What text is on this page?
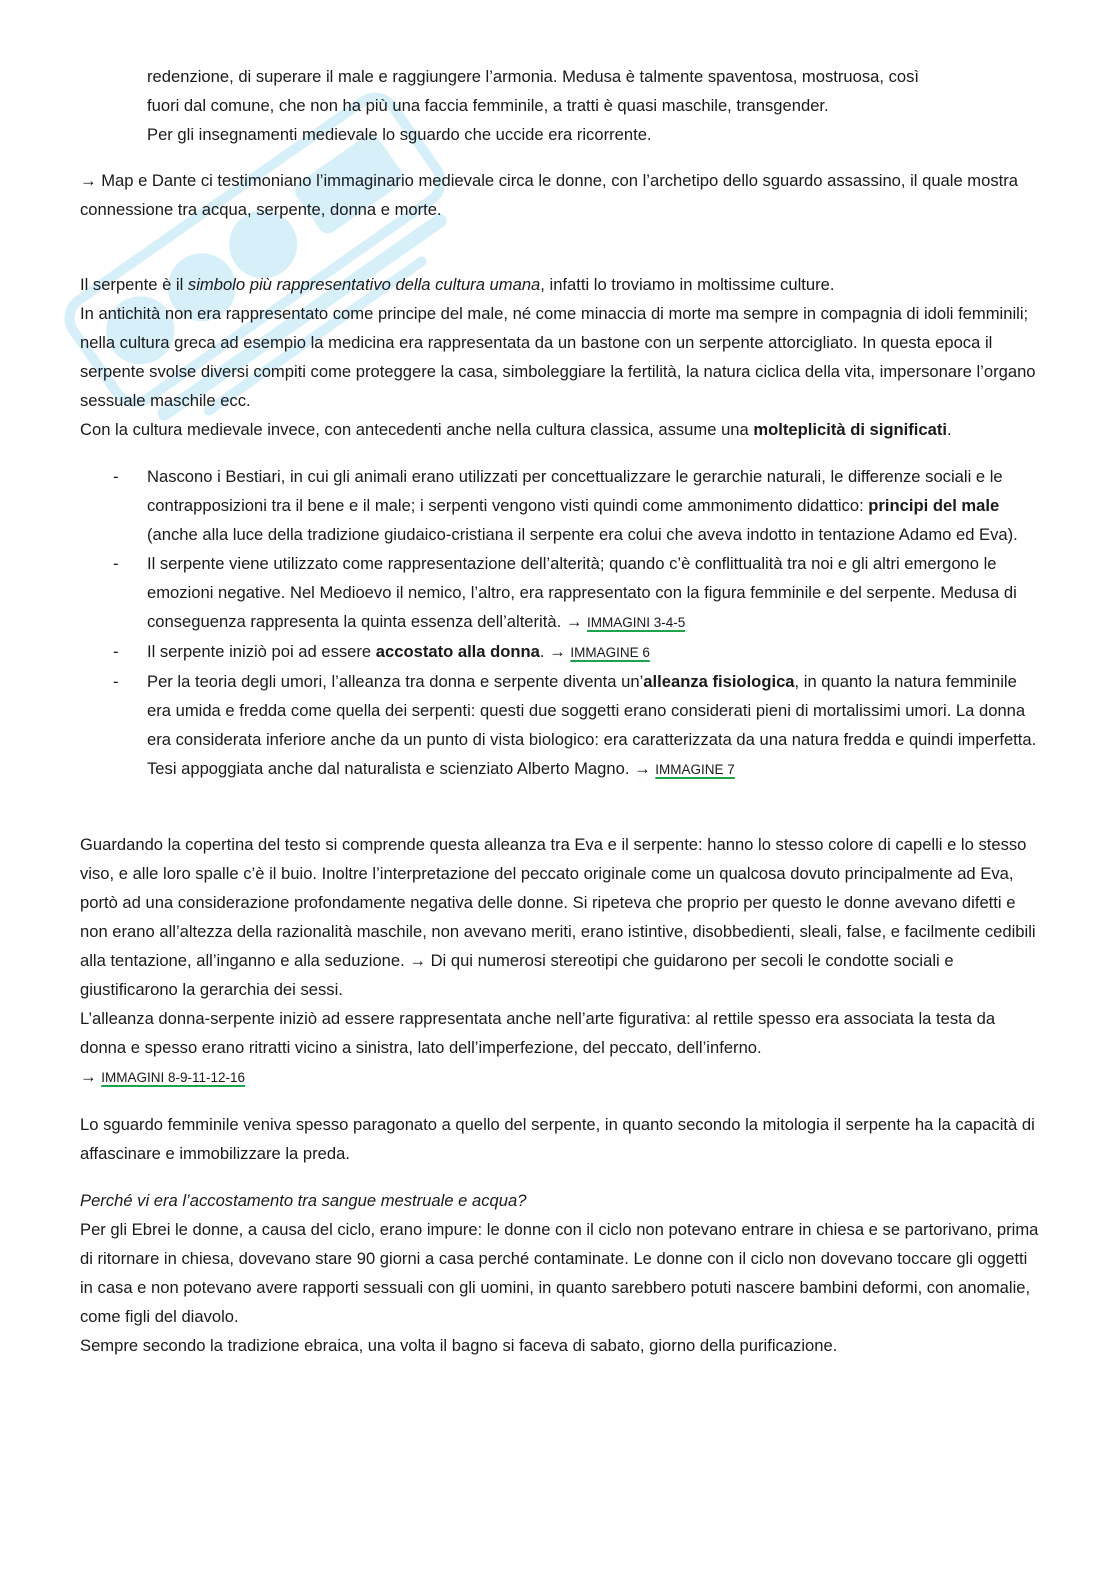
redenzione, di superare il male e raggiungere l’armonia. Medusa è talmente spaventosa, mostruosa, così
fuori dal comune, che non ha più una faccia femminile, a tratti è quasi maschile, transgender.
Per gli insegnamenti medievale lo sguardo che uccide era ricorrente.

→ Map e Dante ci testimoniano l’immaginario medievale circa le donne, con l’archetipo dello sguardo assassino, il quale mostra connessione tra acqua, serpente, donna e morte.

Il serpente è il simbolo più rappresentativo della cultura umana, infatti lo troviamo in moltissime culture.
In antichità non era rappresentato come principe del male, né come minaccia di morte ma sempre in compagnia di idoli femminili; nella cultura greca ad esempio la medicina era rappresentata da un bastone con un serpente attorcigliato. In questa epoca il serpente svolse diversi compiti come proteggere la casa, simboleggiare la fertilità, la natura ciclica della vita, impersonare l’organo sessuale maschile ecc.
Con la cultura medievale invece, con antecedenti anche nella cultura classica, assume una molteplicità di significati.

- Nascono i Bestiari, in cui gli animali erano utilizzati per concettualizzare le gerarchie naturali, le differenze sociali e le contrapposizioni tra il bene e il male; i serpenti vengono visti quindi come ammonimento didattico: principi del male (anche alla luce della tradizione giudaico-cristiana il serpente era colui che aveva indotto in tentazione Adamo ed Eva).
- Il serpente viene utilizzato come rappresentazione dell’alterità; quando c’è conflittualità tra noi e gli altri emergono le emozioni negative. Nel Medioevo il nemico, l’altro, era rappresentato con la figura femminile e del serpente. Medusa di conseguenza rappresenta la quinta essenza dell’alterità. → IMMAGINI 3-4-5
- Il serpente iniziò poi ad essere accostato alla donna. → IMMAGINE 6
- Per la teoria degli umori, l’alleanza tra donna e serpente diventa un’alleanza fisiologica, in quanto la natura femminile era umida e fredda come quella dei serpenti: questi due soggetti erano considerati pieni di mortalissimi umori. La donna era considerata inferiore anche da un punto di vista biologico: era caratterizzata da una natura fredda e quindi imperfetta. Tesi appoggiata anche dal naturalista e scienziato Alberto Magno. → IMMAGINE 7

Guardando la copertina del testo si comprende questa alleanza tra Eva e il serpente: hanno lo stesso colore di capelli e lo stesso viso, e alle loro spalle c’è il buio. Inoltre l’interpretazione del peccato originale come un qualcosa dovuto principalmente ad Eva, portò ad una considerazione profondamente negativa delle donne. Si ripeteva che proprio per questo le donne avevano difetti e non erano all’altezza della razionalità maschile, non avevano meriti, erano istintive, disobbedienti, sleali, false, e facilmente cedibili alla tentazione, all’inganno e alla seduzione. → Di qui numerosi stereotipi che guidarono per secoli le condotte sociali e giustificarono la gerarchia dei sessi.
L’alleanza donna-serpente iniziò ad essere rappresentata anche nell’arte figurativa: al rettile spesso era associata la testa da donna e spesso erano ritratti vicino a sinistra, lato dell’imperfezione, del peccato, dell’inferno.
→ IMMAGINI 8-9-11-12-16

Lo sguardo femminile veniva spesso paragonato a quello del serpente, in quanto secondo la mitologia il serpente ha la capacità di affascinare e immobilizzare la preda.

Perché vi era l’accostamento tra sangue mestruale e acqua?
Per gli Ebrei le donne, a causa del ciclo, erano impure: le donne con il ciclo non potevano entrare in chiesa e se partorivano, prima di ritornare in chiesa, dovevano stare 90 giorni a casa perché contaminate. Le donne con il ciclo non dovevano toccare gli oggetti in casa e non potevano avere rapporti sessuali con gli uomini, in quanto sarebbero potuti nascere bambini deformi, con anomalie, come figli del diavolo.
Sempre secondo la tradizione ebraica, una volta il bagno si faceva di sabato, giorno della purificazione.
